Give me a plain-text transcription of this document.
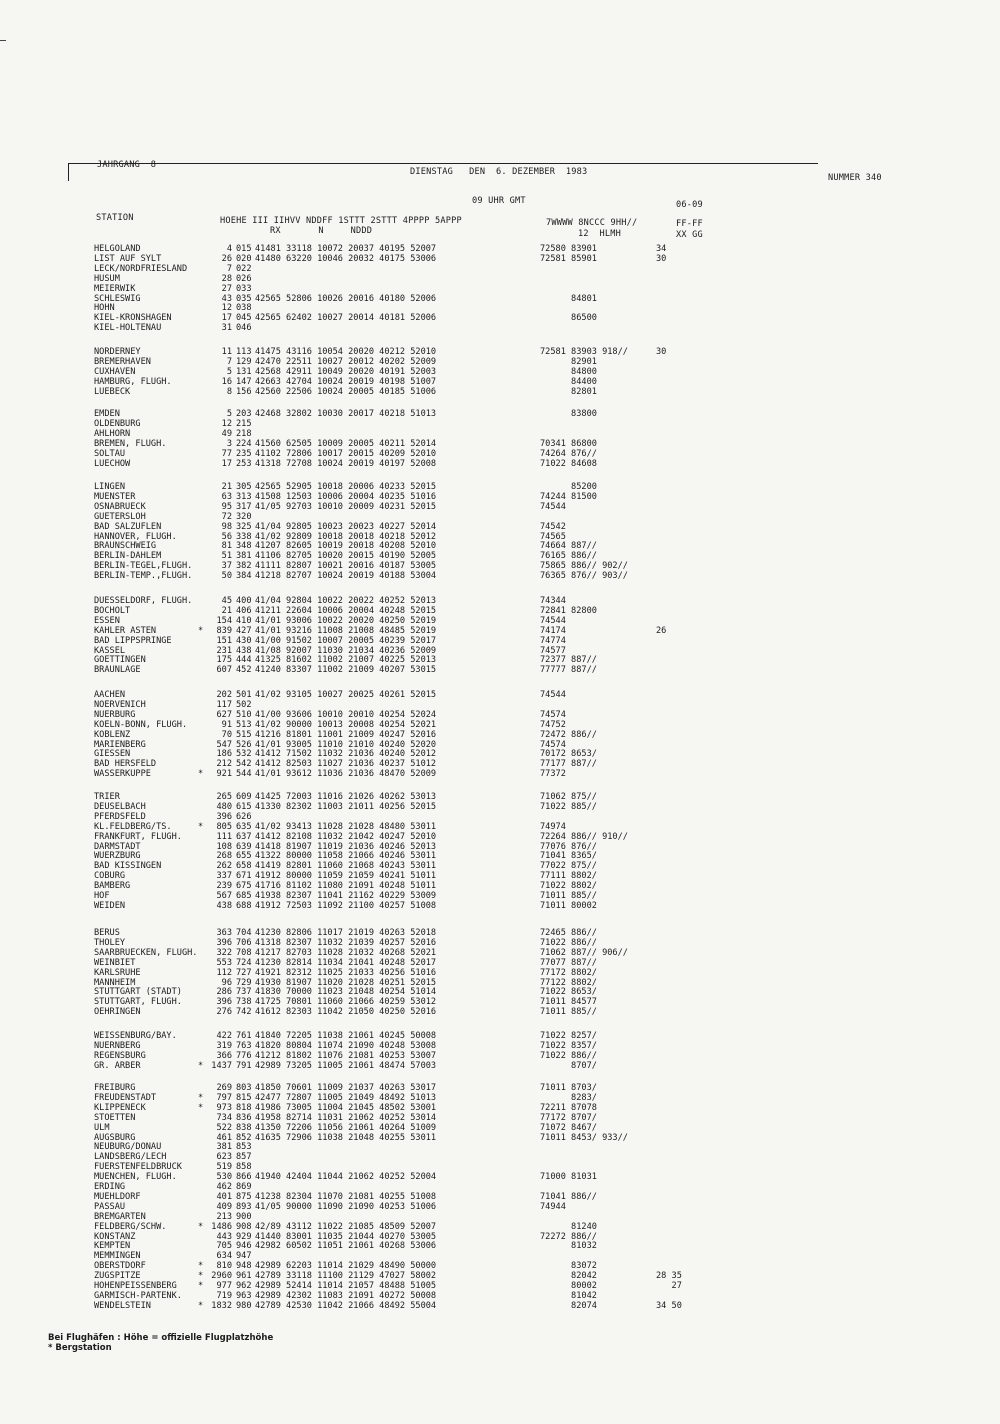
JAHRGANG  8
DIENSTAG   DEN  6. DEZEMBER  1983
NUMMER 340
09 UHR GMT	06-09
STATION	HOEHE III IIHVV NDDFF 1STTT 2STTT 4PPPP 5APPP
RX       N     NDDD
7WWWW 8NCCC 9HH//
12  HLMH
FF-FF
XX GG
HELGOLAND	4 015 41481 33118 10072 20037 40195 52007	72580 83901	34
LIST AUF SYLT	26 020 41480 63220 10046 20032 40175 53006	72581 85901	30
LECK/NORDFRIESLAND	7 022
HUSUM	28 026
MEIERWIK	27 033
SCHLESWIG	43 035 42565 52806 10026 20016 40180 52006	84801
HOHN	12 038
KIEL-KRONSHAGEN	17 045 42565 62402 10027 20014 40181 52006	86500
KIEL-HOLTENAU	31 046
NORDERNEY	11 113 41475 43116 10054 20020 40212 52010	72581 83903 918//	30
BREMERHAVEN	7 129 42470 22511 10027 20012 40202 52009	82901
CUXHAVEN	5 131 42568 42911 10049 20020 40191 52003	84800
HAMBURG, FLUGH.	16 147 42663 42704 10024 20019 40198 51007	84400
LUEBECK	8 156 42560 22506 10024 20005 40185 51006	82801
EMDEN	5 203 42468 32802 10030 20017 40218 51013	83800
OLDENBURG	12 215
AHLHORN	49 218
BREMEN, FLUGH.	3 224 41560 62505 10009 20005 40211 52014	70341 86800
SOLTAU	77 235 41102 72806 10017 20015 40209 52010	74264 876//
LUECHOW	17 253 41318 72708 10024 20019 40197 52008	71022 84608
LINGEN	21 305 42565 52905 10018 20006 40233 52015	85200
MUENSTER	63 313 41508 12503 10006 20004 40235 51016	74244 81500
OSNABRUECK	95 317 41/05 92703 10010 20009 40231 52015	74544
GUETERSLOH	72 320
BAD SALZUFLEN	98 325 41/04 92805 10023 20023 40227 52014	74542
HANNOVER, FLUGH.	56 338 41/02 92809 10018 20018 40218 52012	74565
BRAUNSCHWEIG	81 348 41207 82605 10019 20018 40208 52010	74664 887//
BERLIN-DAHLEM	51 381 41106 82705 10020 20015 40190 52005	76165 886//
BERLIN-TEGEL,FLUGH.	37 382 41111 82807 10021 20016 40187 53005	75865 886// 902//
BERLIN-TEMP.,FLUGH.	50 384 41218 82707 10024 20019 40188 53004	76365 876// 903//
DUESSELDORF, FLUGH.	45 400 41/04 92804 10022 20022 40252 52013	74344
BOCHOLT	21 406 41211 22604 10006 20004 40248 52015	72841 82800
ESSEN	154 410 41/01 93006 10022 20020 40250 52019	74544
KAHLER ASTEN	*	839 427 41/01 93216 11008 21008 48485 52019	74174	26
BAD LIPPSPRINGE	151 430 41/00 91502 10007 20005 40239 52017	74774
KASSEL	231 438 41/08 92007 11030 21034 40236 52009	74577
GOETTINGEN	175 444 41325 81602 11002 21007 40225 52013	72377 887//
BRAUNLAGE	607 452 41240 83307 11002 21009 40207 53015	77777 887//
AACHEN	202 501 41/02 93105 10027 20025 40261 52015	74544
NOERVENICH	117 502
NUERBURG	627 510 41/00 93606 10010 20010 40254 52024	74574
KOELN-BONN, FLUGH.	91 513 41/02 90000 10013 20008 40254 52021	74752
KOBLENZ	70 515 41216 81801 11001 21009 40247 52016	72472 886//
MARIENBERG	547 526 41/01 93005 11010 21010 40240 52020	74574
GIESSEN	186 532 41412 71502 11032 21036 40240 52012	70172 8653/
BAD HERSFELD	212 542 41412 82503 11027 21036 40237 51012	77177 887//
WASSERKUPPE	*	921 544 41/01 93612 11036 21036 48470 52009	77372
TRIER	265 609 41425 72003 11016 21026 40262 53013	71062 875//
DEUSELBACH	480 615 41330 82302 11003 21011 40256 52015	71022 885//
PFERDSFELD	396 626
KL.FELDBERG/TS.	*	805 635 41/02 93413 11028 21028 48480 53011	74974
FRANKFURT, FLUGH.	111 637 41412 82108 11032 21042 40247 52010	72264 886// 910//
DARMSTADT	108 639 41418 81907 11019 21036 40246 52013	77076 876//
WUERZBURG	268 655 41322 80000 11058 21066 40246 53011	71041 8365/
BAD KISSINGEN	262 658 41419 82801 11060 21068 40243 53011	77022 875//
COBURG	337 671 41912 80000 11059 21059 40241 51011	77111 8802/
BAMBERG	239 675 41716 81102 11080 21091 40248 51011	71022 8802/
HOF	567 685 41938 82307 11041 21162 40229 53009	71011 885//
WEIDEN	438 688 41912 72503 11092 21100 40257 51008	71011 80002
BERUS	363 704 41230 82806 11017 21019 40263 52018	72465 886//
THOLEY	396 706 41318 82307 11032 21039 40257 52016	71022 886//
SAARBRUECKEN, FLUGH.	322 708 41217 82703 11028 21032 40268 52021	71062 887// 906//
WEINBIET	553 724 41230 82814 11034 21041 40248 52017	77077 887//
KARLSRUHE	112 727 41921 82312 11025 21033 40256 51016	77172 8802/
MANNHEIM	96 729 41930 81907 11020 21028 40251 52015	77122 8802/
STUTTGART (STADT)	286 737 41830 70000 11023 21048 40254 51014	71022 8653/
STUTTGART, FLUGH.	396 738 41725 70801 11060 21066 40259 53012	71011 84577
OEHRINGEN	276 742 41612 82303 11042 21050 40250 52016	71011 885//
WEISSENBURG/BAY.	422 761 41840 72205 11038 21061 40245 50008	71022 8257/
NUERNBERG	319 763 41820 80804 11074 21090 40248 53008	71022 8357/
REGENSBURG	366 776 41212 81802 11076 21081 40253 53007	71022 886//
GR. ARBER	* 1437 791 42989 73205 11005 21061 48474 57003	8707/
FREIBURG	269 803 41850 70601 11009 21037 40263 53017	71011 8703/
FREUDENSTADT	*	797 815 42477 72807 11005 21049 48492 51013	8283/
KLIPPENECK	*	973 818 41986 73005 11004 21045 48502 53001	72211 87078
STOETTEN	734 836 41958 82714 11031 21062 40252 53014	77172 8707/
ULM	522 838 41350 72206 11056 21061 40264 51009	71072 8467/
AUGSBURG	461 852 41635 72906 11038 21048 40255 53011	71011 8453/ 933//
NEUBURG/DONAU	381 853
LANDSBERG/LECH	623 857
FUERSTENFELDBRUCK	519 858
MUENCHEN, FLUGH.	530 866 41940 42404 11044 21062 40252 52004	71000 81031
ERDING	462 869
MUEHLDORF	401 875 41238 82304 11070 21081 40255 51008	71041 886//
PASSAU	409 893 41/05 90000 11090 21090 40253 51006	74944
BREMGARTEN	213 900
FELDBERG/SCHW.	* 1486 908 42/89 43112 11022 21085 48509 52007	81240
KONSTANZ	443 929 41440 83001 11035 21044 40270 53005	72272 886//
KEMPTEN	705 946 42982 60502 11051 21061 40268 53006	81032
MEMMINGEN	634 947
OBERSTDORF	*	810 948 42989 62203 11014 21029 48490 50000	83072
ZUGSPITZE	* 2960 961 42789 33118 11100 21129 47027 58002	82042	28 35
HOHENPEISSENBERG *	977 962 42989 52414 11014 21057 48488 51005	80002	27
GARMISCH-PARTENK.	719 963 42989 42302 11083 21091 40272 50008	81042
WENDELSTEIN	* 1832 980 42789 42530 11042 21066 48492 55004	82074	34 50
Bei Flughäfen : Höhe = offizielle Flugplatzhöhe
* Bergstation
